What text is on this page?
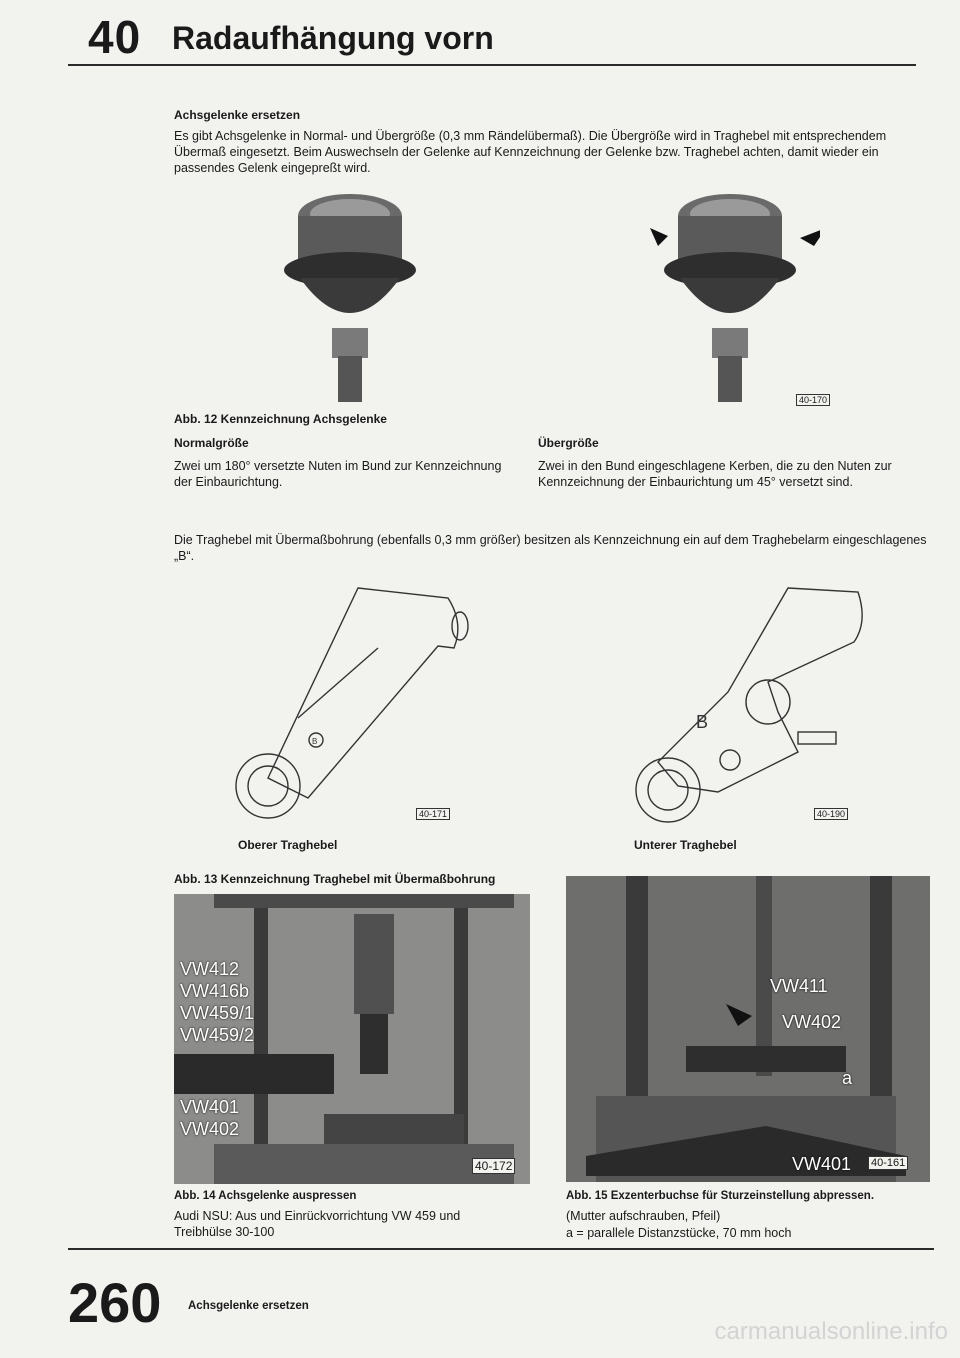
40 Radaufhängung vorn
Achsgelenke ersetzen
Es gibt Achsgelenke in Normal- und Übergröße (0,3 mm Rändelübermaß). Die Übergröße wird in Traghebel mit entsprechendem Übermaß eingesetzt. Beim Auswechseln der Gelenke auf Kennzeichnung der Gelenke bzw. Traghebel achten, damit wieder ein passendes Gelenk eingepreßt wird.
40-170
Abb. 12 Kennzeichnung Achsgelenke
Normalgröße
Zwei um 180° versetzte Nuten im Bund zur Kennzeichnung der Einbaurichtung.
Übergröße
Zwei in den Bund eingeschlagene Kerben, die zu den Nuten zur Kennzeichnung der Einbaurichtung um 45° versetzt sind.
Die Traghebel mit Übermaßbohrung (ebenfalls 0,3 mm größer) besitzen als Kennzeichnung ein auf dem Traghebelarm eingeschlagenes „B“.
B
B
40-171	40-190
Oberer Traghebel	Unterer Traghebel
Abb. 13 Kennzeichnung Traghebel mit Übermaßbohrung
VW412
VW416b
VW459/1
VW459/2
VW401
VW402
40-172
VW411
VW402
a
VW401 40-161
Abb. 14 Achsgelenke auspressen
Audi NSU: Aus und Einrückvorrichtung VW 459 und Treibhülse 30-100
Abb. 15 Exzenterbuchse für Sturzeinstellung abpressen.
(Mutter aufschrauben, Pfeil)
a = parallele Distanzstücke, 70 mm hoch
260 Achsgelenke ersetzen
carmanualsonline.info
